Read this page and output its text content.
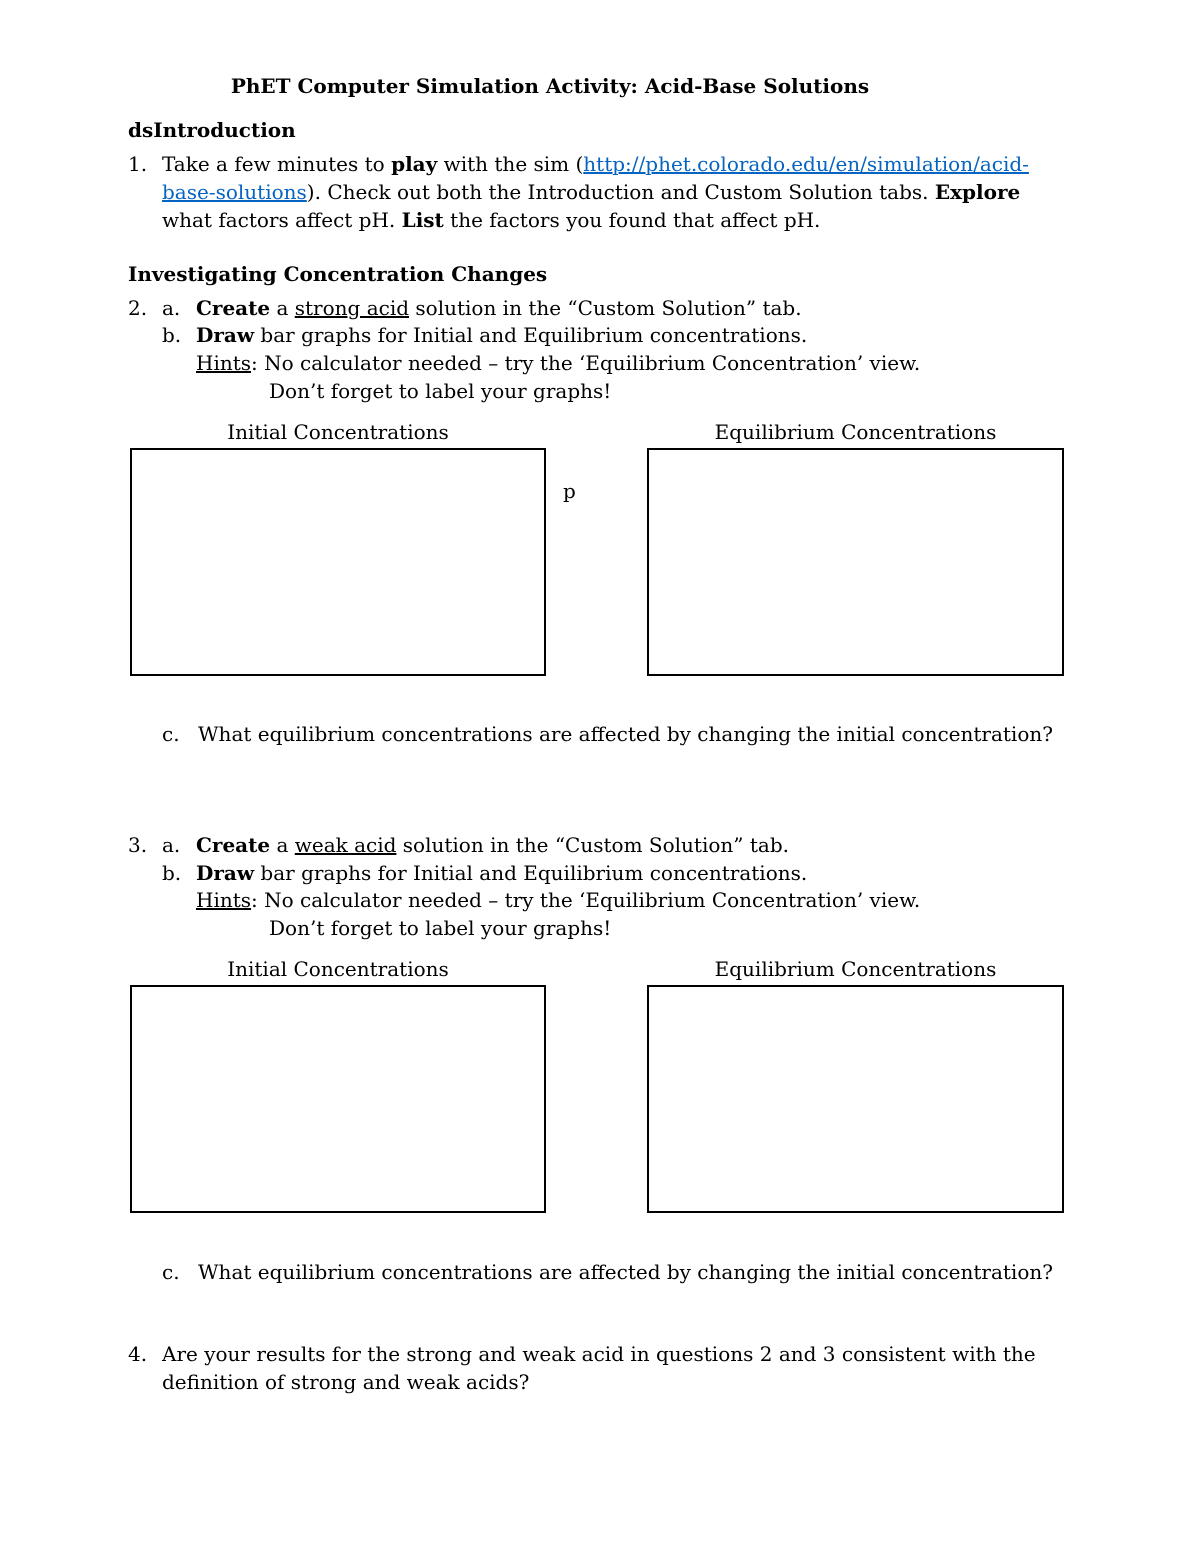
PhET Computer Simulation Activity: Acid-Base Solutions
dsIntroduction
1. Take a few minutes to play with the sim (http://phet.colorado.edu/en/simulation/acid-
base-solutions). Check out both the Introduction and Custom Solution tabs. Explore
what factors affect pH. List the factors you found that affect pH.
Investigating Concentration Changes
2. a. Create a strong acid solution in the “Custom Solution” tab.
b. Draw bar graphs for Initial and Equilibrium concentrations.
Hints: No calculator needed – try the ‘Equilibrium Concentration’ view.
Don’t forget to label your graphs!
Initial Concentrations	Equilibrium Concentrations
p
c. What equilibrium concentrations are affected by changing the initial concentration?
3. a. Create a weak acid solution in the “Custom Solution” tab.
b. Draw bar graphs for Initial and Equilibrium concentrations.
Hints: No calculator needed – try the ‘Equilibrium Concentration’ view.
Don’t forget to label your graphs!
Initial Concentrations	Equilibrium Concentrations
c. What equilibrium concentrations are affected by changing the initial concentration?
4. Are your results for the strong and weak acid in questions 2 and 3 consistent with the
definition of strong and weak acids?
